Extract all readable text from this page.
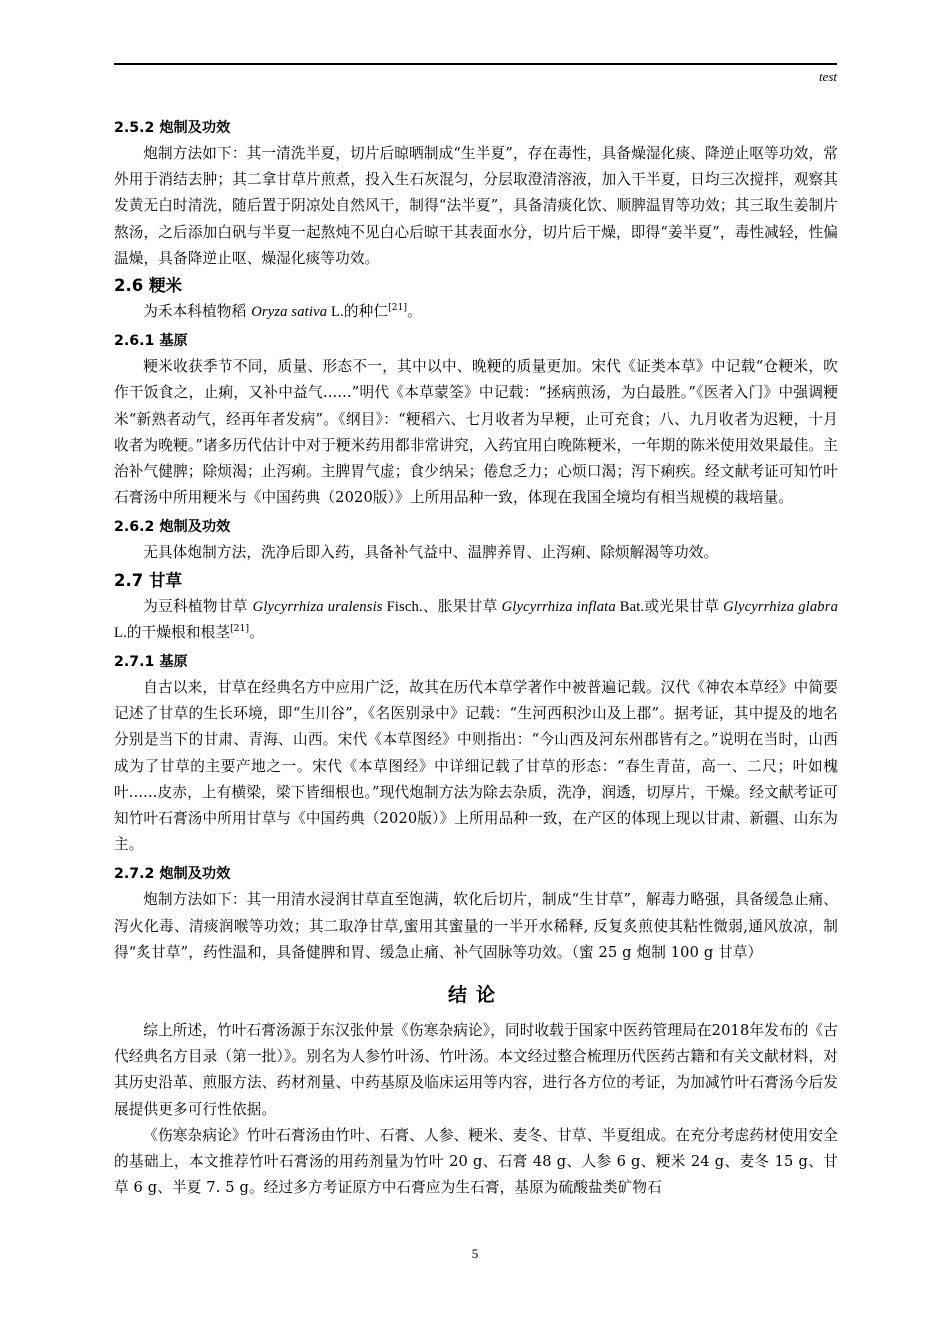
test
2.5.2 炮制及功效

炮制方法如下：其一清洗半夏，切片后晾晒制成“生半夏”，存在毒性，具备燥湿化痰、降逆止呕等功效，常外用于消结去肿；其二拿甘草片煎煮，投入生石灰混匀，分层取澄清溶液，加入干半夏，日均三次搅拌，观察其发黄无白时清洗，随后置于阴凉处自然风干，制得“法半夏”，具备清痰化饮、顺脾温胃等功效；其三取生姜制片熬汤，之后添加白矾与半夏一起熬炖不见白心后晾干其表面水分，切片后干燥，即得“姜半夏”，毒性减轻，性偏温燥，具备降逆止呕、燥湿化痰等功效。

2.6 粳米

为禾本科植物稻 Oryza sativa L.的种仁[21]。

2.6.1 基原

粳米收获季节不同，质量、形态不一，其中以中、晚粳的质量更加。宋代《证类本草》中记载“仓粳米，吹作干饭食之，止痢，又补中益气......”明代《本草蒙筌》中记载：“拯病煎汤，为白最胜。”《医者入门》中强调粳米“新熟者动气，经再年者发病”。《纲目》：“粳稻六、七月收者为早粳，止可充食；八、九月收者为迟粳，十月收者为晚粳。”诸多历代估计中对于粳米药用都非常讲究，入药宜用白晚陈粳米，一年期的陈米使用效果最佳。主治补气健脾；除烦渴；止泻痢。主脾胃气虚；食少纳呆；倦怠乏力；心烦口渴；泻下痢疾。经文献考证可知竹叶石膏汤中所用粳米与《中国药典（2020版）》上所用品种一致，体现在我国全境均有相当规模的栽培量。

2.6.2 炮制及功效

无具体炮制方法，洗净后即入药，具备补气益中、温脾养胃、止泻痢、除烦解渴等功效。

2.7 甘草

为豆科植物甘草 Glycyrrhiza uralensis Fisch.、胀果甘草 Glycyrrhiza inflata Bat.或光果甘草 Glycyrrhiza glabra L.的干燥根和根茎[21]。

2.7.1 基原

自古以来，甘草在经典名方中应用广泛，故其在历代本草学著作中被普遍记载。汉代《神农本草经》中简要记述了甘草的生长环境，即“生川谷”，《名医别录中》记载：“生河西积沙山及上郡”。据考证，其中提及的地名分别是当下的甘肃、青海、山西。宋代《本草图经》中则指出：“今山西及河东州郡皆有之。”说明在当时，山西成为了甘草的主要产地之一。宋代《本草图经》中详细记载了甘草的形态：“春生青苗，高一、二尺；叶如槐叶......皮赤，上有横梁，梁下皆细根也。”现代炮制方法为除去杂质，洗净，润透，切厚片，干燥。经文献考证可知竹叶石膏汤中所用甘草与《中国药典（2020版）》上所用品种一致，在产区的体现上现以甘肃、新疆、山东为主。

2.7.2 炮制及功效

炮制方法如下：其一用清水浸润甘草直至饱满，软化后切片，制成“生甘草”，解毒力略强，具备缓急止痛、泻火化毒、清痰润喉等功效；其二取净甘草,蜜用其蜜量的一半开水稀释, 反复炙煎使其粘性微弱,通风放凉，制得“炙甘草”，药性温和，具备健脾和胃、缓急止痛、补气固脉等功效。（蜜 25 g 炮制 100 g 甘草）

结论

综上所述，竹叶石膏汤源于东汉张仲景《伤寒杂病论》，同时收载于国家中医药管理局在2018年发布的《古代经典名方目录（第一批）》。别名为人参竹叶汤、竹叶汤。本文经过整合梳理历代医药古籍和有关文献材料，对其历史沿革、煎服方法、药材剂量、中药基原及临床运用等内容，进行各方位的考证，为加减竹叶石膏汤今后发展提供更多可行性依据。

《伤寒杂病论》竹叶石膏汤由竹叶、石膏、人参、粳米、麦冬、甘草、半夏组成。在充分考虑药材使用安全的基础上，本文推荐竹叶石膏汤的用药剂量为竹叶 20 g、石膏 48 g、人参 6 g、粳米 24 g、麦冬 15 g、甘草 6 g、半夏 7. 5 g。经过多方考证原方中石膏应为生石膏，基原为硫酸盐类矿物石

5
